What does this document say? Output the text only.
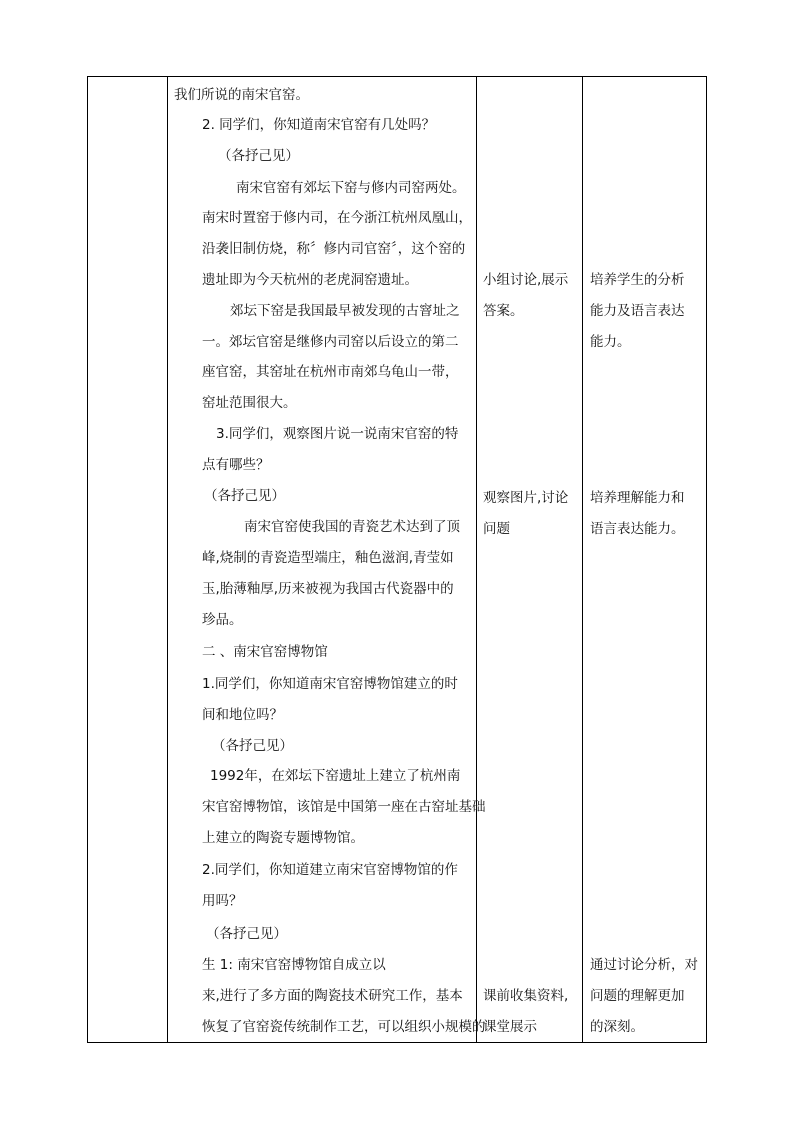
我们所说的南宋官窑。
2. 同学们，你知道南宋官窑有几处吗？
（各抒己见）
南宋官窑有郊坛下窑与修内司窑两处。
南宋时置窑于修内司，在今浙江杭州凤凰山，
沿袭旧制仿烧，称〞修内司官窑〞，这个窑的
遗址即为今天杭州的老虎洞窑遗址。
郊坛下窑是我国最早被发现的古窨址之
一。郊坛官窑是继修内司窑以后设立的第二
座官窑，其窑址在杭州市南郊乌龟山一带，
窑址范围很大。
3.同学们，观察图片说一说南宋官窑的特
点有哪些？
（各抒己见）
南宋官窑使我国的青瓷艺术达到了顶
峰,烧制的青瓷造型端庄，釉色滋润,青莹如
玉,胎薄釉厚,历来被视为我国古代瓷器中的
珍品。
二 、南宋官窑博物馆
1.同学们，你知道南宋官窑博物馆建立的时
间和地位吗？
（各抒己见）
1992年，在郊坛下窑遗址上建立了杭州南
宋官窑博物馆，该馆是中国第一座在古窑址基础
上建立的陶瓷专题博物馆。
2.同学们，你知道建立南宋官窑博物馆的作
用吗？
（各抒己见）
生 1: 南宋官窑博物馆自成立以
来,进行了多方面的陶瓷技术研究工作，基本
恢复了官窑瓷传统制作工艺，可以组织小规模的
小组讨论,展示
答案。
观察图片,讨论
问题
课前收集资料,
课堂展示
培养学生的分析
能力及语言表达
能力。
培养理解能力和
语言表达能力。
通过讨论分析，对
问题的理解更加
的深刻。
